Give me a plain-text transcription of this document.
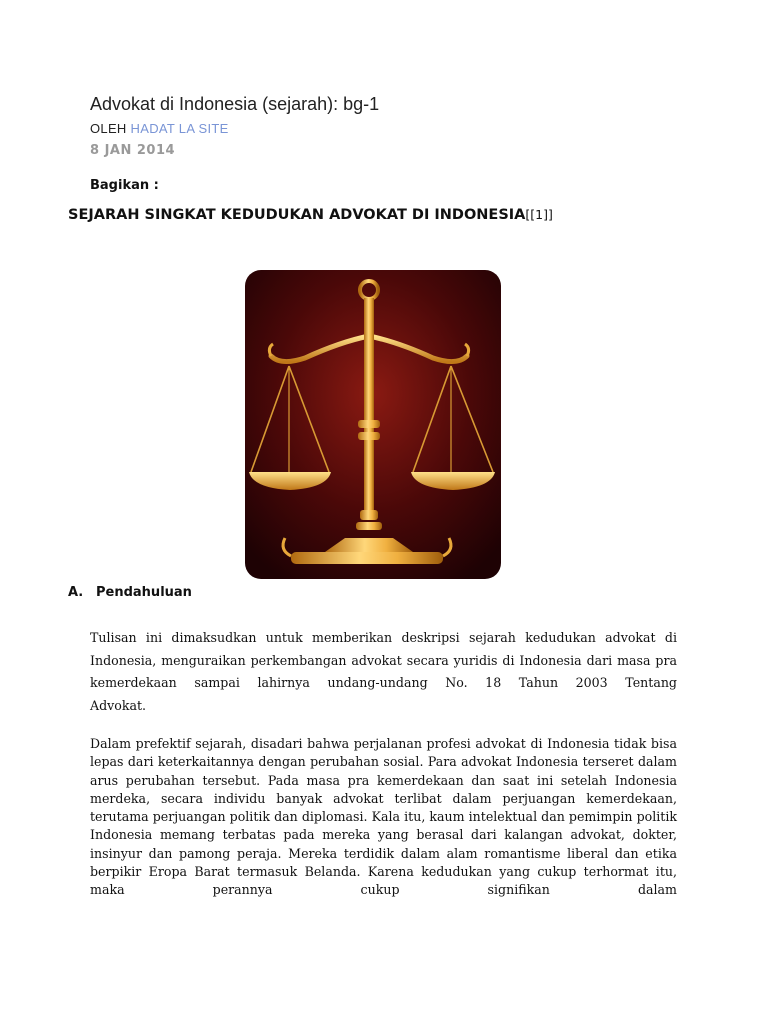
Advokat di Indonesia (sejarah): bg-1
OLEH HADAT LA SITE
8 JAN 2014
Bagikan :
SEJARAH SINGKAT KEDUDUKAN ADVOKAT DI INDONESIA[[1]]
A. Pendahuluan
Tulisan ini dimaksudkan untuk memberikan deskripsi sejarah kedudukan advokat di Indonesia, menguraikan perkembangan advokat secara yuridis di Indonesia dari masa pra kemerdekaan sampai lahirnya undang-undang No. 18 Tahun 2003 Tentang
Advokat.
Dalam prefektif sejarah, disadari bahwa perjalanan profesi advokat di Indonesia tidak bisa lepas dari keterkaitannya dengan perubahan sosial. Para advokat Indonesia terseret dalam arus perubahan tersebut. Pada masa pra kemerdekaan dan saat ini setelah Indonesia merdeka, secara individu banyak advokat terlibat dalam perjuangan kemerdekaan, terutama perjuangan politik dan diplomasi. Kala itu, kaum intelektual dan pemimpin politik Indonesia memang terbatas pada mereka yang berasal dari kalangan advokat, dokter, insinyur dan pamong peraja. Mereka terdidik dalam alam romantisme liberal dan etika berpikir Eropa Barat termasuk Belanda. Karena kedudukan yang cukup terhormat itu, maka perannya cukup signifikan dalam
